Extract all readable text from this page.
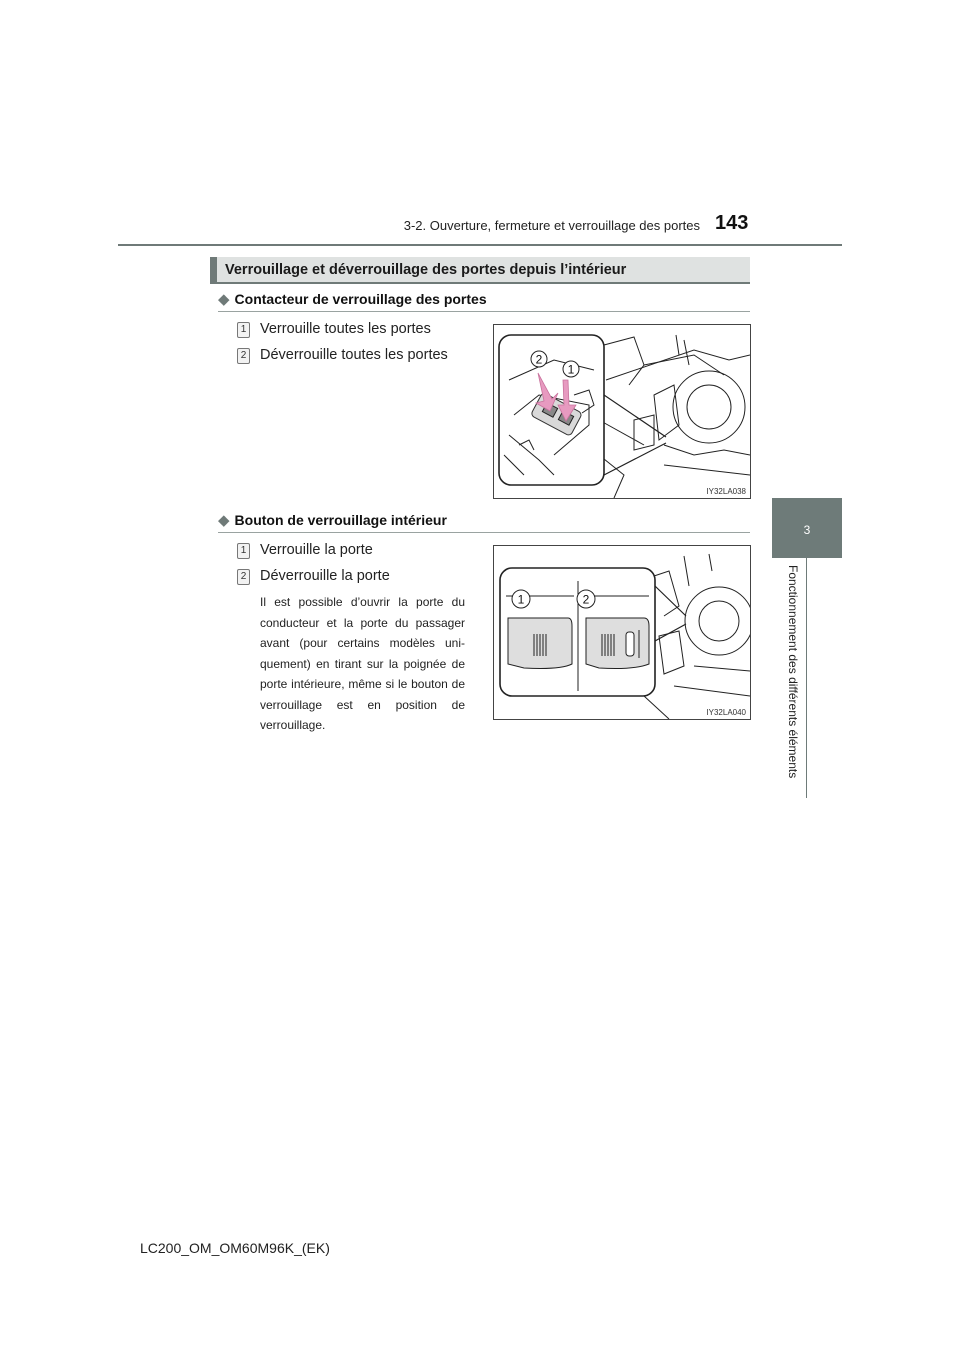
3-2. Ouverture, fermeture et verrouillage des portes 143
3
Fonctionnement des différents éléments
Verrouillage et déverrouillage des portes depuis l’intérieur
◆ Contacteur de verrouillage des portes
1 Verrouille toutes les portes
2 Déverrouille toutes les portes	2
1
IY32LA038
◆ Bouton de verrouillage intérieur
1 Verrouille la porte
2 Déverrouille la porte
Il est possible d’ouvrir la porte du conducteur et la porte du passager avant (pour certains modèles uni-quement) en tirant sur la poignée de porte intérieure, même si le bouton de verrouillage est en position de verrouillage.
1	2
IY32LA040
LC200_OM_OM60M96K_(EK)
